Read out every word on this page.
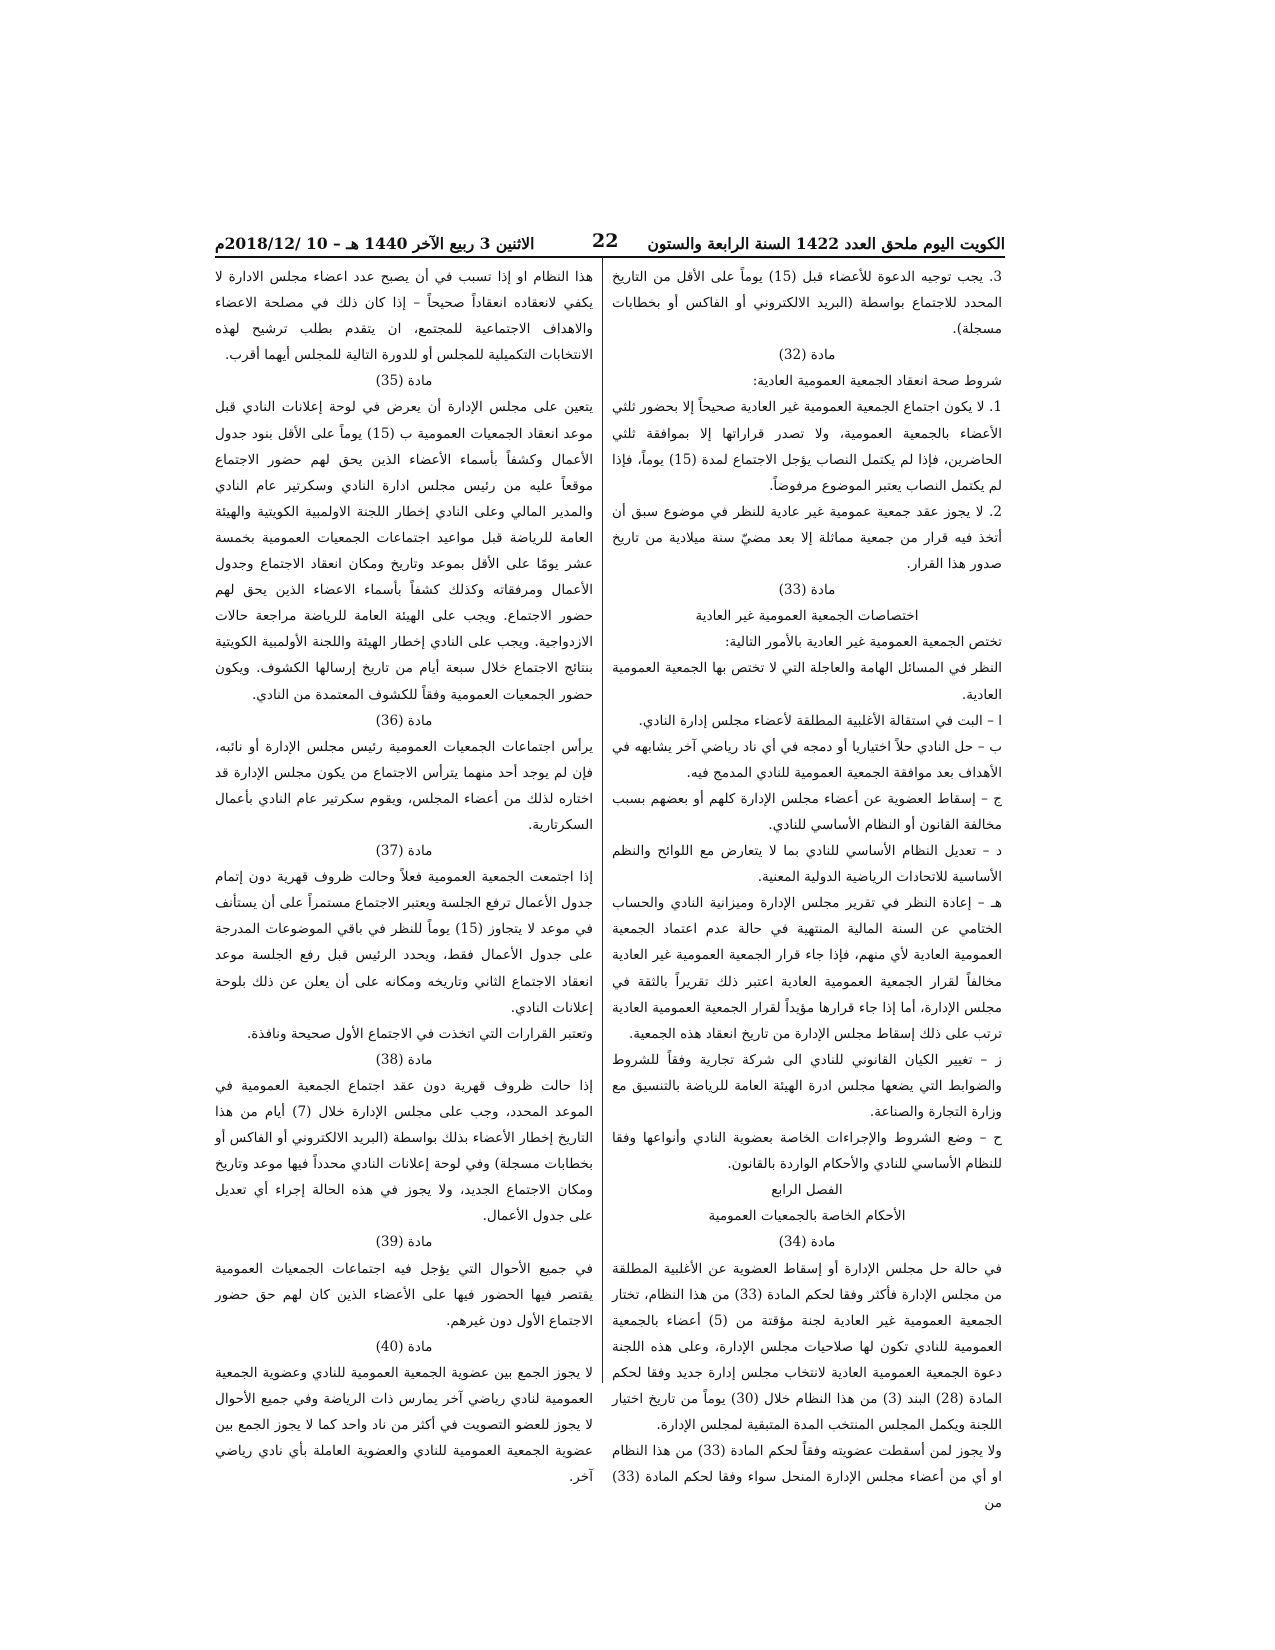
الكويت اليوم ملحق العدد 1422 السنة الرابعة والستون
22
الاثنين 3 ربيع الآخر 1440 هـ – 10 /2018/12م

3. يجب توجيه الدعوة للأعضاء قبل (15) يوماً على الأقل من التاريخ المحدد للاجتماع بواسطة (البريد الالكتروني أو الفاكس أو بخطابات مسجلة).

مادة (32)

شروط صحة انعقاد الجمعية العمومية العادية:

1. لا يكون اجتماع الجمعية العمومية غير العادية صحيحاً إلا بحضور ثلثي الأعضاء بالجمعية العمومية، ولا تصدر قراراتها إلا بموافقة ثلثي الحاضرين، فإذا لم يكتمل النصاب يؤجل الاجتماع لمدة (15) يوماً، فإذا لم يكتمل النصاب يعتبر الموضوع مرفوضاً.

2. لا يجوز عقد جمعية عمومية غير عادية للنظر في موضوع سبق أن أتخذ فيه قرار من جمعية مماثلة إلا بعد مضيّ سنة ميلادية من تاريخ صدور هذا القرار.

مادة (33)

اختصاصات الجمعية العمومية غير العادية

تختص الجمعية العمومية غير العادية بالأمور التالية:

النظر في المسائل الهامة والعاجلة التي لا تختص بها الجمعية العمومية العادية.

ا – البت في استقالة الأغلبية المطلقة لأعضاء مجلس إدارة النادي.

ب – حل النادي حلاً اختياريا أو دمجه في أي ناد رياضي آخر يشابهه في الأهداف بعد موافقة الجمعية العمومية للنادي المدمج فيه.

ج – إسقاط العضوية عن أعضاء مجلس الإدارة كلهم أو بعضهم بسبب مخالفة القانون أو النظام الأساسي للنادي.

د – تعديل النظام الأساسي للنادي بما لا يتعارض مع اللوائح والنظم الأساسية للاتحادات الرياضية الدولية المعنية.

هـ – إعادة النظر في تقرير مجلس الإدارة وميزانية النادي والحساب الختامي عن السنة المالية المنتهية في حالة عدم اعتماد الجمعية العمومية العادية لأي منهم، فإذا جاء قرار الجمعية العمومية غير العادية مخالفاً لقرار الجمعية العمومية العادية اعتبر ذلك تقريراً بالثقة في مجلس الإدارة، أما إذا جاء قرارها مؤيداً لقرار الجمعية العمومية العادية ترتب على ذلك إسقاط مجلس الإدارة من تاريخ انعقاد هذه الجمعية.

ز – تغيير الكيان القانوني للنادي الى شركة تجارية وفقاً للشروط والضوابط التي يضعها مجلس ادرة الهيئة العامة للرياضة بالتنسيق مع وزارة التجارة والصناعة.

ح – وضع الشروط والإجراءات الخاصة بعضوية النادي وأنواعها وفقا للنظام الأساسي للنادي والأحكام الواردة بالقانون.

الفصل الرابع

الأحكام الخاصة بالجمعيات العمومية

مادة (34)

في حالة حل مجلس الإدارة أو إسقاط العضوية عن الأغلبية المطلقة من مجلس الإدارة فأكثر وفقا لحكم المادة (33) من هذا النظام، تختار الجمعية العمومية غير العادية لجنة مؤقتة من (5) أعضاء بالجمعية العمومية للنادي تكون لها صلاحيات مجلس الإدارة، وعلى هذه اللجنة دعوة الجمعية العمومية العادية لانتخاب مجلس إدارة جديد وفقا لحكم المادة (28) البند (3) من هذا النظام خلال (30) يوماً من تاريخ اختيار اللجنة ويكمل المجلس المنتخب المدة المتبقية لمجلس الإدارة.

ولا يجوز لمن أسقطت عضويته وفقاً لحكم المادة (33) من هذا النظام او أي من أعضاء مجلس الإدارة المنحل سواء وفقا لحكم المادة (33) من

هذا النظام او إذا تسبب في أن يصبح عدد اعضاء مجلس الادارة لا يكفي لانعقاده انعقاداً صحيحاً – إذا كان ذلك في مصلحة الاعضاء والاهداف الاجتماعية للمجتمع، ان يتقدم بطلب ترشيح لهذه الانتخابات التكميلية للمجلس أو للدورة التالية للمجلس أيهما أقرب.

مادة (35)

يتعين على مجلس الإدارة أن يعرض في لوحة إعلانات النادي قبل موعد انعقاد الجمعيات العمومية ب (15) يوماً على الأقل بنود جدول الأعمال وكشفاً بأسماء الأعضاء الذين يحق لهم حضور الاجتماع موقعاً عليه من رئيس مجلس ادارة النادي وسكرتير عام النادي والمدير المالي وعلى النادي إخطار اللجنة الاولمبية الكويتية والهيئة العامة للرياضة قبل مواعيد اجتماعات الجمعيات العمومية بخمسة عشر يومًا على الأقل بموعد وتاريخ ومكان انعقاد الاجتماع وجدول الأعمال ومرفقاته وكذلك كشفاً بأسماء الاعضاء الذين يحق لهم حضور الاجتماع. ويجب على الهيئة العامة للرياضة مراجعة حالات الازدواجية. ويجب على النادي إخطار الهيئة واللجنة الأولمبية الكويتية بنتائج الاجتماع خلال سبعة أيام من تاريخ إرسالها الكشوف. ويكون حضور الجمعيات العمومية وفقاً للكشوف المعتمدة من النادي.

مادة (36)

يرأس اجتماعات الجمعيات العمومية رئيس مجلس الإدارة أو نائبه، فإن لم يوجد أحد منهما يترأس الاجتماع من يكون مجلس الإدارة قد اختاره لذلك من أعضاء المجلس، ويقوم سكرتير عام النادي بأعمال السكرتارية.

مادة (37)

إذا اجتمعت الجمعية العمومية فعلاً وحالت ظروف قهرية دون إتمام جدول الأعمال ترفع الجلسة ويعتبر الاجتماع مستمراً على أن يستأنف في موعد لا يتجاوز (15) يوماً للنظر في باقي الموضوعات المدرجة على جدول الأعمال فقط، ويحدد الرئيس قبل رفع الجلسة موعد انعقاد الاجتماع الثاني وتاريخه ومكانه على أن يعلن عن ذلك بلوحة إعلانات النادي.

وتعتبر القرارات التي اتخذت في الاجتماع الأول صحيحة ونافذة.

مادة (38)

إذا حالت ظروف قهرية دون عقد اجتماع الجمعية العمومية في الموعد المحدد، وجب على مجلس الإدارة خلال (7) أيام من هذا التاريخ إخطار الأعضاء بذلك بواسطة (البريد الالكتروني أو الفاكس أو بخطابات مسجلة) وفي لوحة إعلانات النادي محدداً فيها موعد وتاريخ ومكان الاجتماع الجديد، ولا يجوز في هذه الحالة إجراء أي تعديل على جدول الأعمال.

مادة (39)

في جميع الأحوال التي يؤجل فيه اجتماعات الجمعيات العمومية يقتصر فيها الحضور فيها على الأعضاء الذين كان لهم حق حضور الاجتماع الأول دون غيرهم.

مادة (40)

لا يجوز الجمع بين عضوية الجمعية العمومية للنادي وعضوية الجمعية العمومية لنادي رياضي آخر يمارس ذات الرياضة وفي جميع الأحوال لا يجوز للعضو التصويت في أكثر من ناد واحد كما لا يجوز الجمع بين عضوية الجمعية العمومية للنادي والعضوية العاملة بأي نادي رياضي آخر.
